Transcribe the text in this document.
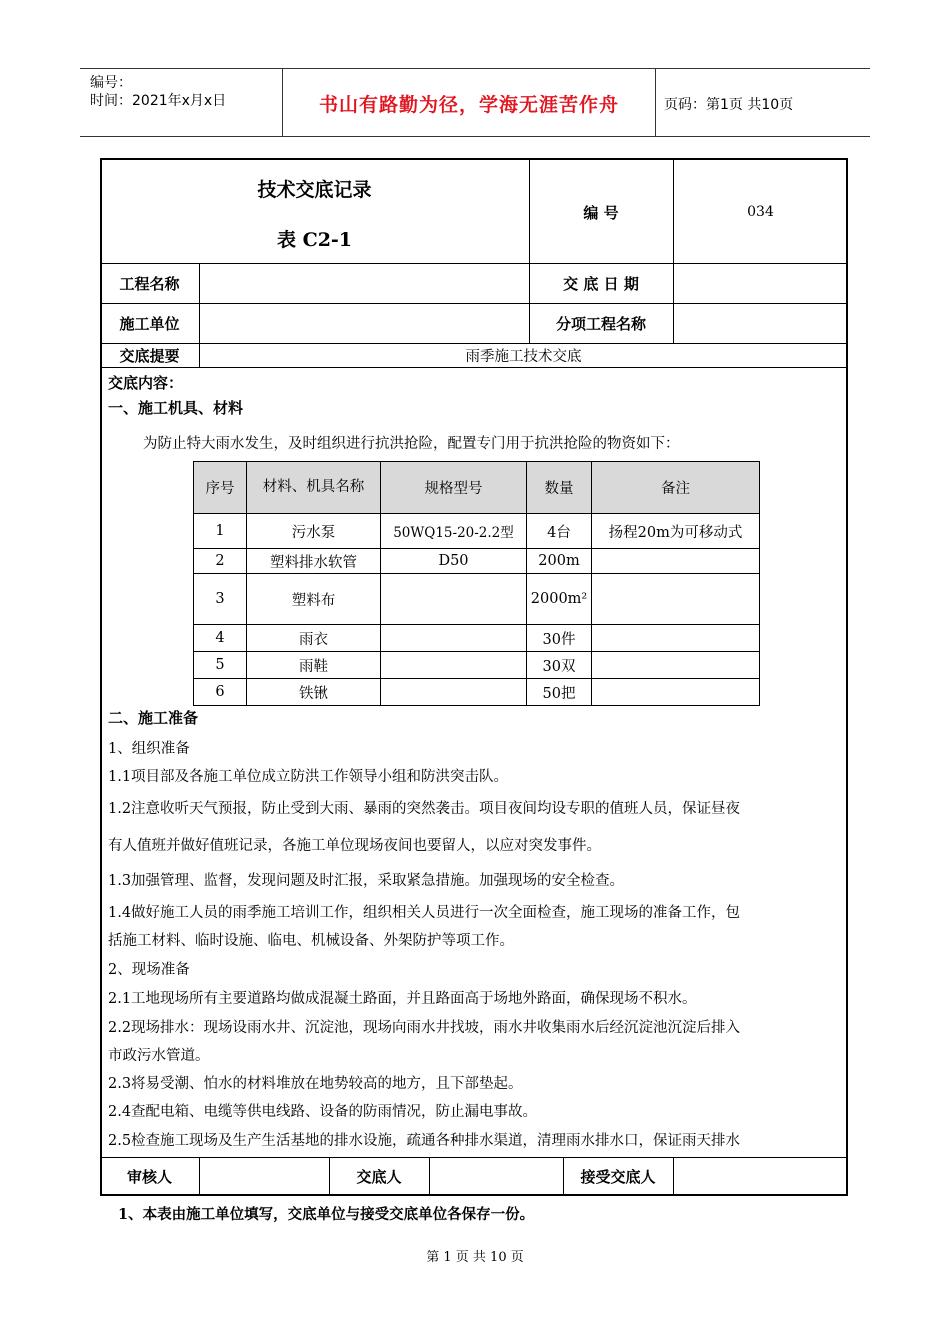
编号：
时间：2021年x月x日	书山有路勤为径，学海无涯苦作舟	页码：第1页 共10页
技术交底记录
表 C2-1
编 号	034
工程名称	交 底 日 期
施工单位	分项工程名称
交底提要	雨季施工技术交底
交底内容：
一、施工机具、材料
为防止特大雨水发生，及时组织进行抗洪抢险，配置专门用于抗洪抢险的物资如下：
序号	材料、机具名称	规格型号	数量	备注
1	污水泵	50WQ15-20-2.2型	4台	扬程20m为可移动式
2	塑料排水软管	D50	200m	
3	塑料布		2000m²	
4	雨衣		30件	
5	雨鞋		30双	
6	铁锹		50把	
二、施工准备
1、组织准备
1.1项目部及各施工单位成立防洪工作领导小组和防洪突击队。
1.2注意收听天气预报，防止受到大雨、暴雨的突然袭击。项目夜间均设专职的值班人员，保证昼夜
有人值班并做好值班记录，各施工单位现场夜间也要留人，以应对突发事件。
1.3加强管理、监督，发现问题及时汇报，采取紧急措施。加强现场的安全检查。
1.4做好施工人员的雨季施工培训工作，组织相关人员进行一次全面检查，施工现场的准备工作，包
括施工材料、临时设施、临电、机械设备、外架防护等项工作。
2、现场准备
2.1工地现场所有主要道路均做成混凝土路面，并且路面高于场地外路面，确保现场不积水。
2.2现场排水：现场设雨水井、沉淀池，现场向雨水井找坡，雨水井收集雨水后经沉淀池沉淀后排入
市政污水管道。
2.3将易受潮、怕水的材料堆放在地势较高的地方，且下部垫起。
2.4查配电箱、电缆等供电线路、设备的防雨情况，防止漏电事故。
2.5检查施工现场及生产生活基地的排水设施，疏通各种排水渠道，清理雨水排水口，保证雨天排水
审核人	交底人	接受交底人
1、本表由施工单位填写，交底单位与接受交底单位各保存一份。
第 1 页 共 10 页
